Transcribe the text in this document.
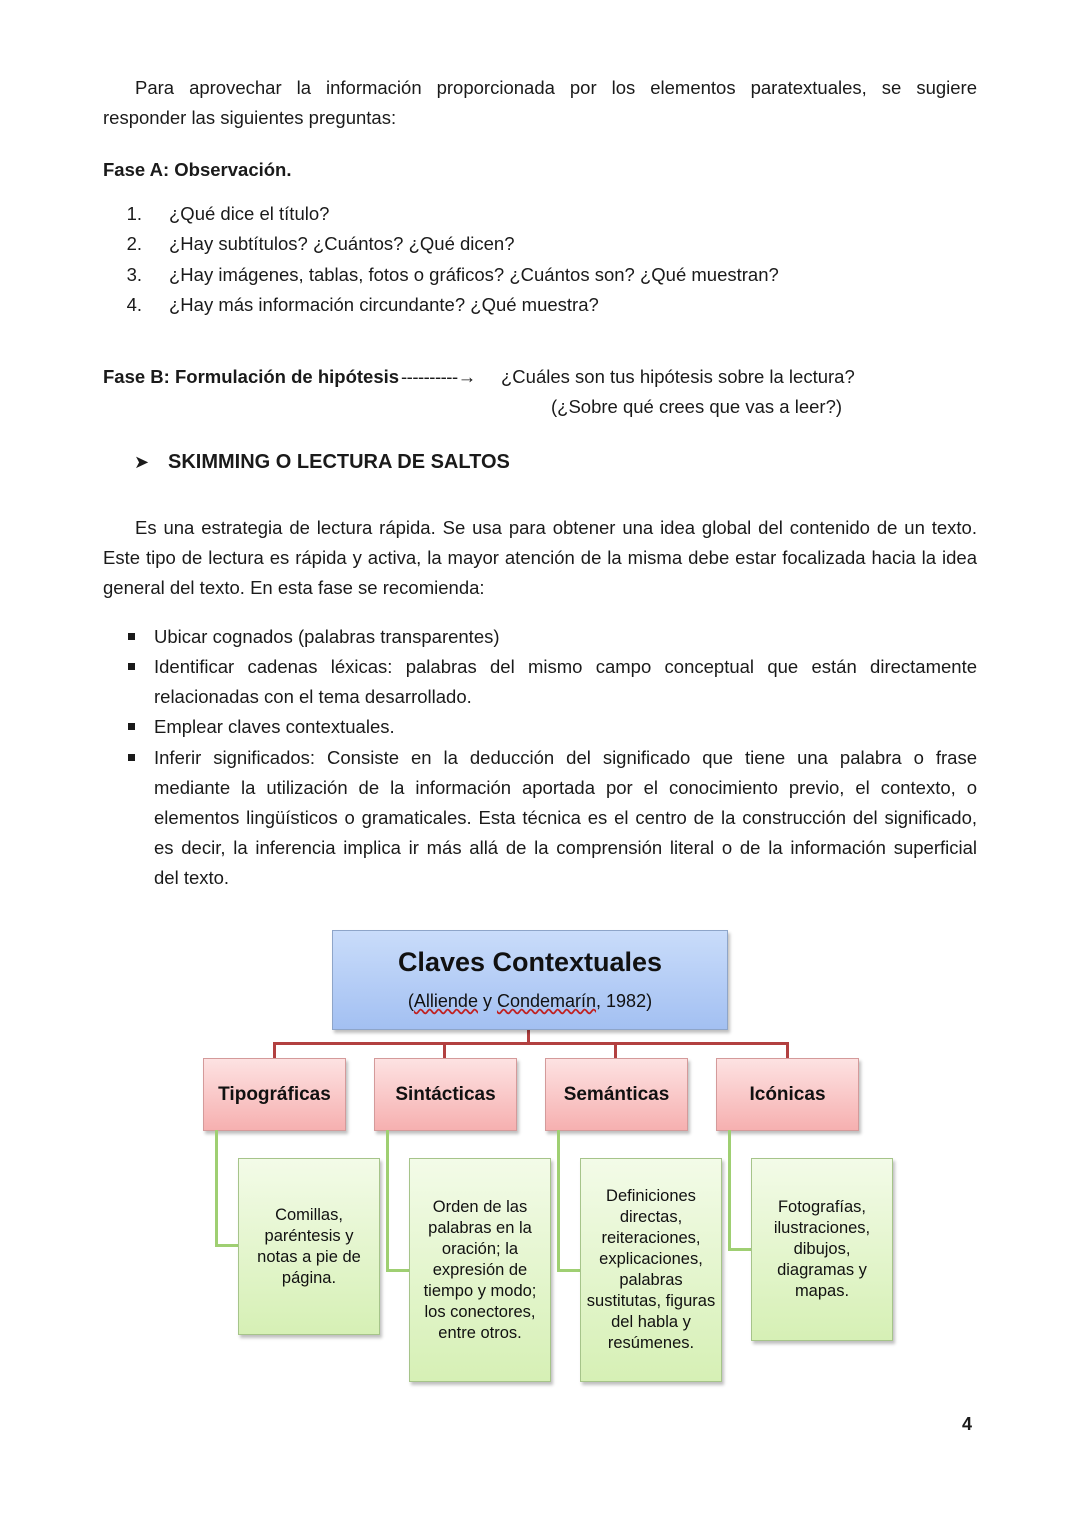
Para aprovechar la información proporcionada por los elementos paratextuales, se sugiere
responder las siguientes preguntas:
Fase A: Observación.
1. ¿Qué dice el título?
2. ¿Hay subtítulos? ¿Cuántos? ¿Qué dicen?
3. ¿Hay imágenes, tablas, fotos o gráficos? ¿Cuántos son? ¿Qué muestran?
4. ¿Hay más información circundante? ¿Qué muestra?
Fase B: Formulación de hipótesis ----------→ ¿Cuáles son tus hipótesis sobre la lectura?
(¿Sobre qué crees que vas a leer?)
➤ SKIMMING O LECTURA DE SALTOS
Es una estrategia de lectura rápida. Se usa para obtener una idea global del contenido de un texto.
Este tipo de lectura es rápida y activa, la mayor atención de la misma debe estar focalizada hacia la idea
general del texto. En esta fase se recomienda:
Ubicar cognados (palabras transparentes)
Identificar cadenas léxicas: palabras del mismo campo conceptual que están directamente
relacionadas con el tema desarrollado.
Emplear claves contextuales.
Inferir significados: Consiste en la deducción del significado que tiene una palabra o frase
mediante la utilización de la información aportada por el conocimiento previo, el contexto, o
elementos lingüísticos o gramaticales. Esta técnica es el centro de la construcción del significado,
es decir, la inferencia implica ir más allá de la comprensión literal o de la información superficial
del texto.
Claves Contextuales
(Alliende y Condemarín, 1982)
Tipográficas	Sintácticas	Semánticas	Icónicas
Comillas, paréntesis y notas a pie de página.
Orden de las palabras en la oración; la expresión de tiempo y modo; los conectores, entre otros.
Definiciones directas, reiteraciones, explicaciones, palabras sustitutas, figuras del habla y resúmenes.
Fotografías, ilustraciones, dibujos, diagramas y mapas.
4
